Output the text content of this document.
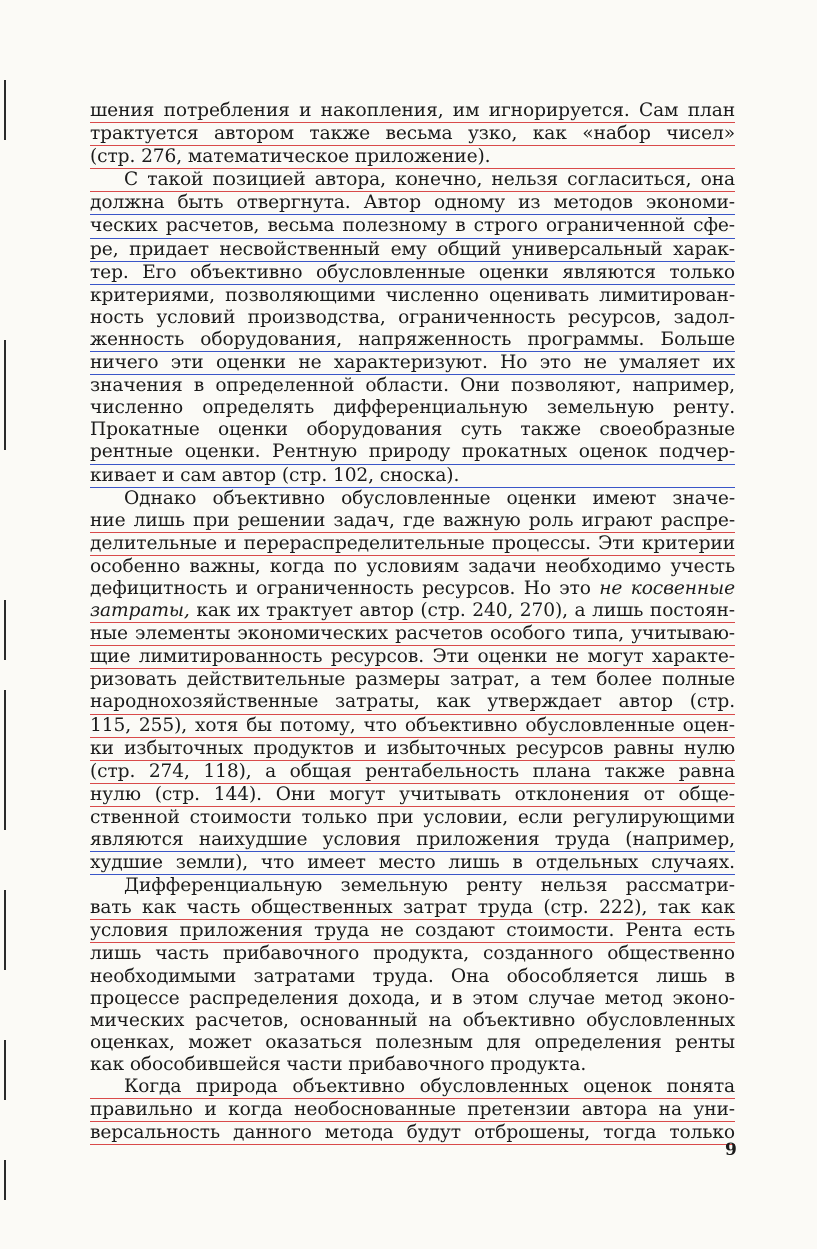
шения потребления и накопления, им игнорируется. Сам план
трактуется автором также весьма узко, как «набор чисел»
(стр. 276, математическое приложение).
С такой позицией автора, конечно, нельзя согласиться, она
должна быть отвергнута. Автор одному из методов экономи-
ческих расчетов, весьма полезному в строго ограниченной сфе-
ре, придает несвойственный ему общий универсальный харак-
тер. Его объективно обусловленные оценки являются только
критериями, позволяющими численно оценивать лимитирован-
ность условий производства, ограниченность ресурсов, задол-
женность оборудования, напряженность программы. Больше
ничего эти оценки не характеризуют. Но это не умаляет их
значения в определенной области. Они позволяют, например,
численно определять дифференциальную земельную ренту.
Прокатные оценки оборудования суть также своеобразные
рентные оценки. Рентную природу прокатных оценок подчер-
кивает и сам автор (стр. 102, сноска).
Однако объективно обусловленные оценки имеют значе-
ние лишь при решении задач, где важную роль играют распре-
делительные и перераспределительные процессы. Эти критерии
особенно важны, когда по условиям задачи необходимо учесть
дефицитность и ограниченность ресурсов. Но это не косвенные
затраты, как их трактует автор (стр. 240, 270), а лишь постоян-
ные элементы экономических расчетов особого типа, учитываю-
щие лимитированность ресурсов. Эти оценки не могут характе-
ризовать действительные размеры затрат, а тем более полные
народнохозяйственные затраты, как утверждает автор (стр.
115, 255), хотя бы потому, что объективно обусловленные оцен-
ки избыточных продуктов и избыточных ресурсов равны нулю
(стр. 274, 118), а общая рентабельность плана также равна
нулю (стр. 144). Они могут учитывать отклонения от обще-
ственной стоимости только при условии, если регулирующими
являются наихудшие условия приложения труда (например,
худшие земли), что имеет место лишь в отдельных случаях.
Дифференциальную земельную ренту нельзя рассматри-
вать как часть общественных затрат труда (стр. 222), так как
условия приложения труда не создают стоимости. Рента есть
лишь часть прибавочного продукта, созданного общественно
необходимыми затратами труда. Она обособляется лишь в
процессе распределения дохода, и в этом случае метод эконо-
мических расчетов, основанный на объективно обусловленных
оценках, может оказаться полезным для определения ренты
как обособившейся части прибавочного продукта.
Когда природа объективно обусловленных оценок понята
правильно и когда необоснованные претензии автора на уни-
версальность данного метода будут отброшены, тогда только
9
